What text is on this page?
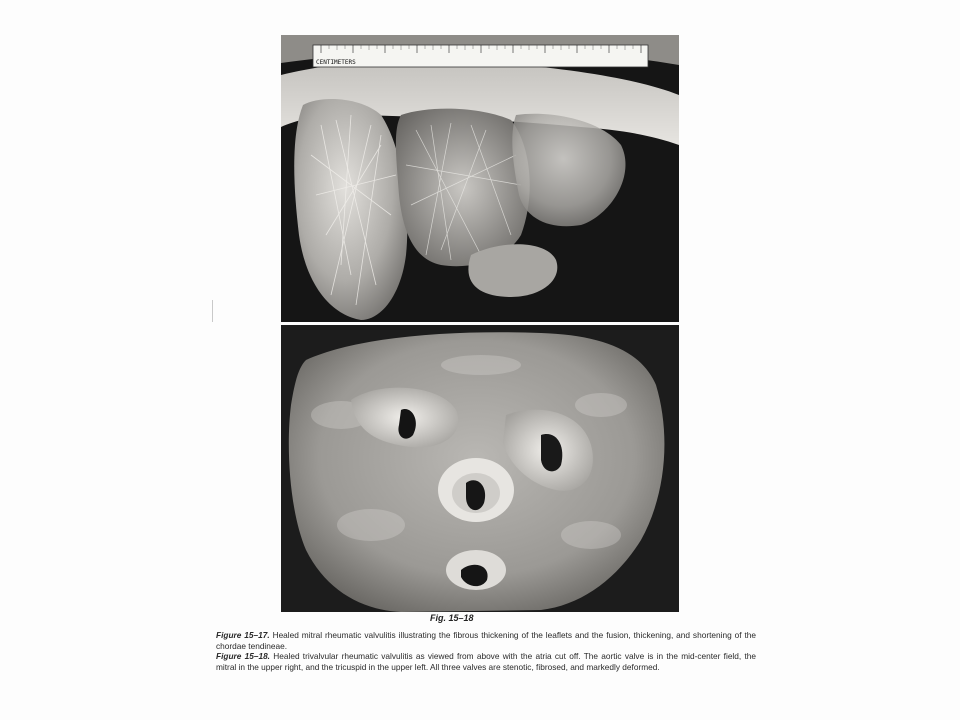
CENTIMETERS
Fig. 15–18

Figure 15–17. Healed mitral rheumatic valvulitis illustrating the fibrous thickening of the leaflets and the fusion, thickening, and shortening of the chordae tendineae.

Figure 15–18. Healed trivalvular rheumatic valvulitis as viewed from above with the atria cut off. The aortic valve is in the mid-center field, the mitral in the upper right, and the tricuspid in the upper left. All three valves are stenotic, fibrosed, and markedly deformed.
